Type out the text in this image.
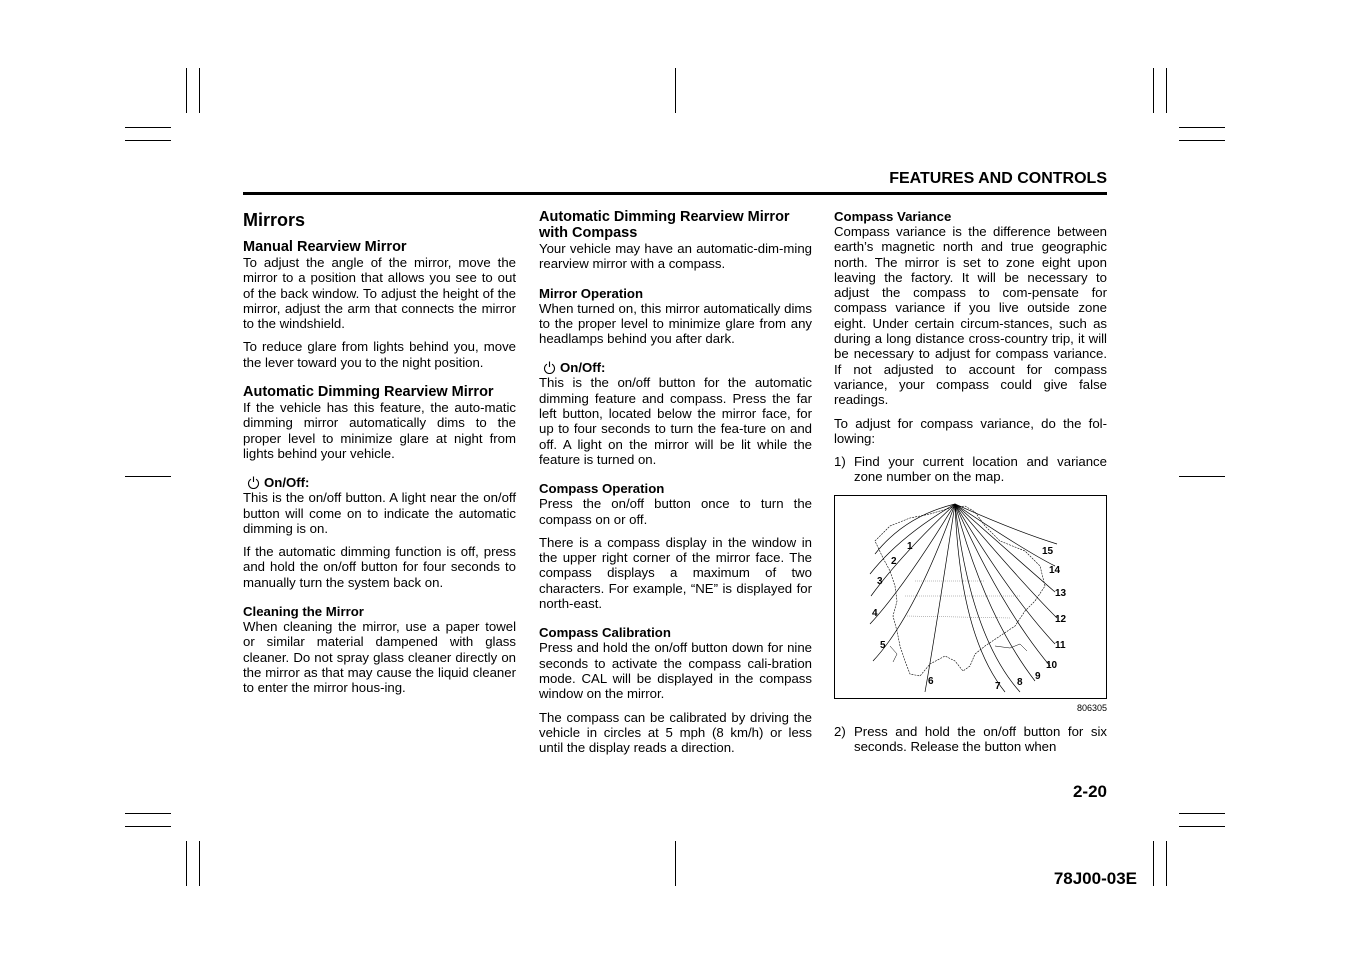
FEATURES AND CONTROLS
Mirrors
Manual Rearview Mirror

To adjust the angle of the mirror, move the mirror to a position that allows you see to out of the back window. To adjust the height of the mirror, adjust the arm that connects the mirror to the windshield.

To reduce glare from lights behind you, move the lever toward you to the night position.

Automatic Dimming Rearview Mirror

If the vehicle has this feature, the auto-matic dimming mirror automatically dims to the proper level to minimize glare at night from lights behind your vehicle.

On/Off:

This is the on/off button. A light near the on/off button will come on to indicate the automatic dimming is on.

If the automatic dimming function is off, press and hold the on/off button for four seconds to manually turn the system back on.

Cleaning the Mirror

When cleaning the mirror, use a paper towel or similar material dampened with glass cleaner. Do not spray glass cleaner directly on the mirror as that may cause the liquid cleaner to enter the mirror hous-ing.

Automatic Dimming Rearview Mirror with Compass

Your vehicle may have an automatic-dim-ming rearview mirror with a compass.

Mirror Operation

When turned on, this mirror automatically dims to the proper level to minimize glare from any headlamps behind you after dark.

On/Off:

This is the on/off button for the automatic dimming feature and compass. Press the far left button, located below the mirror face, for up to four seconds to turn the fea-ture on and off. A light on the mirror will be lit while the feature is turned on.

Compass Operation

Press the on/off button once to turn the compass on or off.

There is a compass display in the window in the upper right corner of the mirror face. The compass displays a maximum of two characters. For example, “NE” is displayed for north-east.

Compass Calibration

Press and hold the on/off button down for nine seconds to activate the compass cali-bration mode. CAL will be displayed in the compass window on the mirror.

The compass can be calibrated by driving the vehicle in circles at 5 mph (8 km/h) or less until the display reads a direction.

Compass Variance

Compass variance is the difference between earth’s magnetic north and true geographic north. The mirror is set to zone eight upon leaving the factory. It will be necessary to adjust the compass to com-pensate for compass variance if you live outside zone eight. Under certain circum-stances, such as during a long distance cross-country trip, it will be necessary to adjust for compass variance. If not adjusted to account for compass variance, your compass could give false readings.

To adjust for compass variance, do the fol-lowing:

1) Find your current location and variance zone number on the map.
1
2
3
4
5
6	7 8
9
10
11
12
13
14
15
806305
2) Press and hold the on/off button for six seconds. Release the button when
2-20
78J00-03E
